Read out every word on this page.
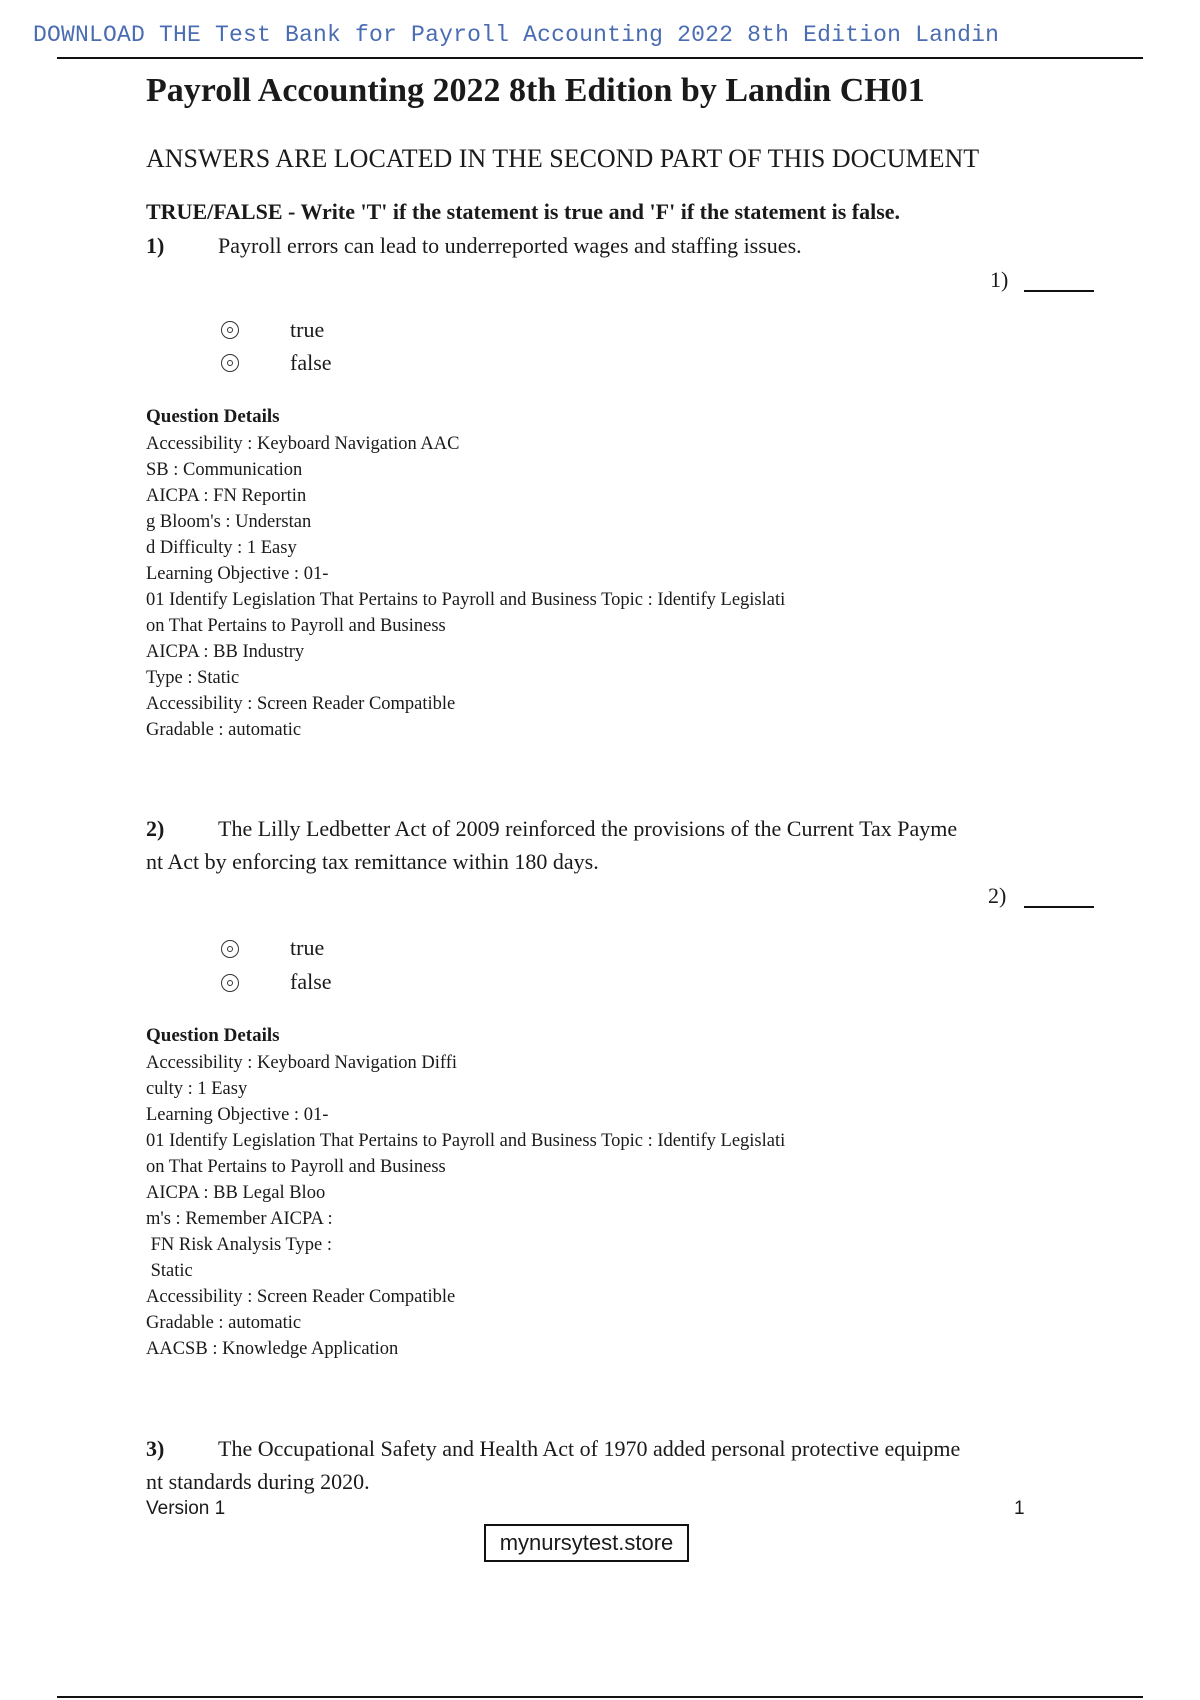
DOWNLOAD THE Test Bank for Payroll Accounting 2022 8th Edition Landin
Payroll Accounting 2022 8th Edition by Landin CH01
ANSWERS ARE LOCATED IN THE SECOND PART OF THIS DOCUMENT
TRUE/FALSE - Write 'T' if the statement is true and 'F' if the statement is false.
1) Payroll errors can lead to underreported wages and staffing issues.
1)
true
false
Question Details
Accessibility : Keyboard Navigation AAC
SB : Communication
AICPA : FN Reportin
g Bloom's : Understan
d Difficulty : 1 Easy
Learning Objective : 01-
01 Identify Legislation That Pertains to Payroll and Business Topic : Identify Legislati
on That Pertains to Payroll and Business
AICPA : BB Industry
Type : Static
Accessibility : Screen Reader Compatible
Gradable : automatic
2) The Lilly Ledbetter Act of 2009 reinforced the provisions of the Current Tax Payme
nt Act by enforcing tax remittance within 180 days.
2)
true
false
Question Details
Accessibility : Keyboard Navigation Diffi
culty : 1 Easy
Learning Objective : 01-
01 Identify Legislation That Pertains to Payroll and Business Topic : Identify Legislati
on That Pertains to Payroll and Business
AICPA : BB Legal Bloo
m's : Remember AICPA :
FN Risk Analysis Type :
Static
Accessibility : Screen Reader Compatible
Gradable : automatic
AACSB : Knowledge Application
3) The Occupational Safety and Health Act of 1970 added personal protective equipme
nt standards during 2020.
Version 1	1
mynursytest.store
